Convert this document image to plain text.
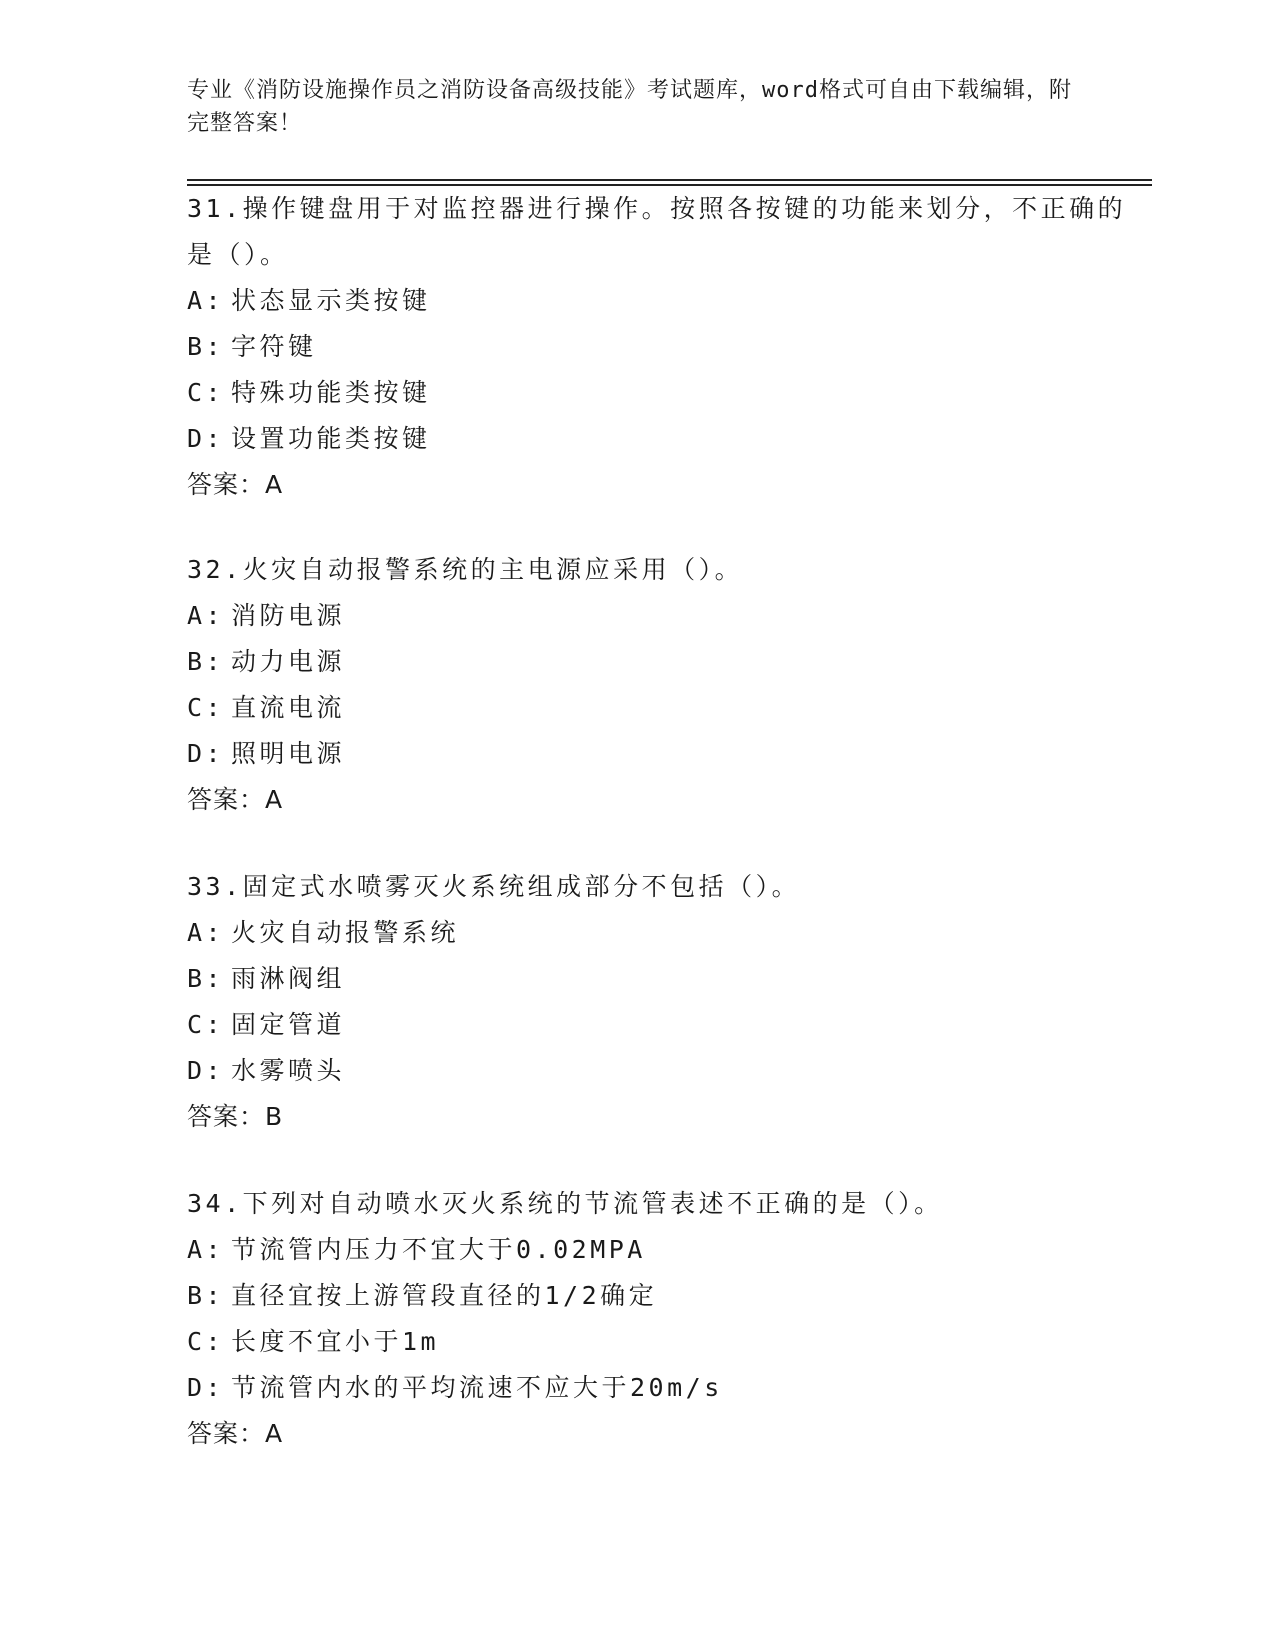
专业《消防设施操作员之消防设备高级技能》考试题库，word格式可自由下载编辑，附完整答案！

31.操作键盘用于对监控器进行操作。按照各按键的功能来划分，不正确的是（）。

A: 状态显示类按键

B: 字符键

C: 特殊功能类按键

D: 设置功能类按键

答案：A

32.火灾自动报警系统的主电源应采用（）。

A: 消防电源

B: 动力电源

C: 直流电流

D: 照明电源

答案：A

33.固定式水喷雾灭火系统组成部分不包括（）。

A: 火灾自动报警系统

B: 雨淋阀组

C: 固定管道

D: 水雾喷头

答案：B

34.下列对自动喷水灭火系统的节流管表述不正确的是（）。

A: 节流管内压力不宜大于0.02MPA

B: 直径宜按上游管段直径的1/2确定

C: 长度不宜小于1m

D: 节流管内水的平均流速不应大于20m/s

答案：A
